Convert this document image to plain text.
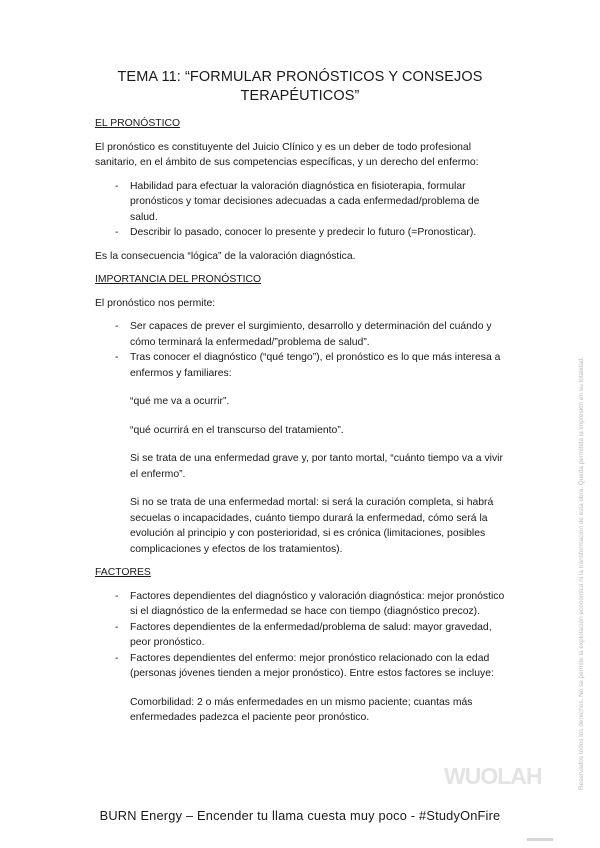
TEMA 11: “FORMULAR PRONÓSTICOS Y CONSEJOS
TERAPÉUTICOS”
EL PRONÓSTICO

El pronóstico es constituyente del Juicio Clínico y es un deber de todo profesional sanitario, en el ámbito de sus competencias específicas, y un derecho del enfermo:

- Habilidad para efectuar la valoración diagnóstica en fisioterapia, formular pronósticos y tomar decisiones adecuadas a cada enfermedad/problema de salud.
- Describir lo pasado, conocer lo presente y predecir lo futuro (=Pronosticar).

Es la consecuencia “lógica” de la valoración diagnóstica.

IMPORTANCIA DEL PRONÓSTICO

El pronóstico nos permite:

- Ser capaces de prever el surgimiento, desarrollo y determinación del cuándo y cómo terminará la enfermedad/”problema de salud”.
- Tras conocer el diagnóstico (“qué tengo”), el pronóstico es lo que más interesa a enfermos y familiares:

“qué me va a ocurrir”.

“qué ocurrirá en el transcurso del tratamiento”.

Si se trata de una enfermedad grave y, por tanto mortal, “cuánto tiempo va a vivir el enfermo”.

Si no se trata de una enfermedad mortal: si será la curación completa, si habrá secuelas o incapacidades, cuánto tiempo durará la enfermedad, cómo será la evolución al principio y con posterioridad, si es crónica (limitaciones, posibles complicaciones y efectos de los tratamientos).

FACTORES
- Factores dependientes del diagnóstico y valoración diagnóstica: mejor pronóstico si el diagnóstico de la enfermedad se hace con tiempo (diagnóstico precoz).
- Factores dependientes de la enfermedad/problema de salud: mayor gravedad, peor pronóstico.
- Factores dependientes del enfermo: mejor pronóstico relacionado con la edad (personas jóvenes tienden a mejor pronóstico). Entre estos factores se incluye:

Comorbilidad: 2 o más enfermedades en un mismo paciente; cuantas más enfermedades padezca el paciente peor pronóstico.	Reservados todos los derechos. No se permite la explotación económica ni la transformación de esta obra. Queda permitida la impresión en su totalidad.
WUOLAH
BURN Energy – Encender tu llama cuesta muy poco - #StudyOnFire
